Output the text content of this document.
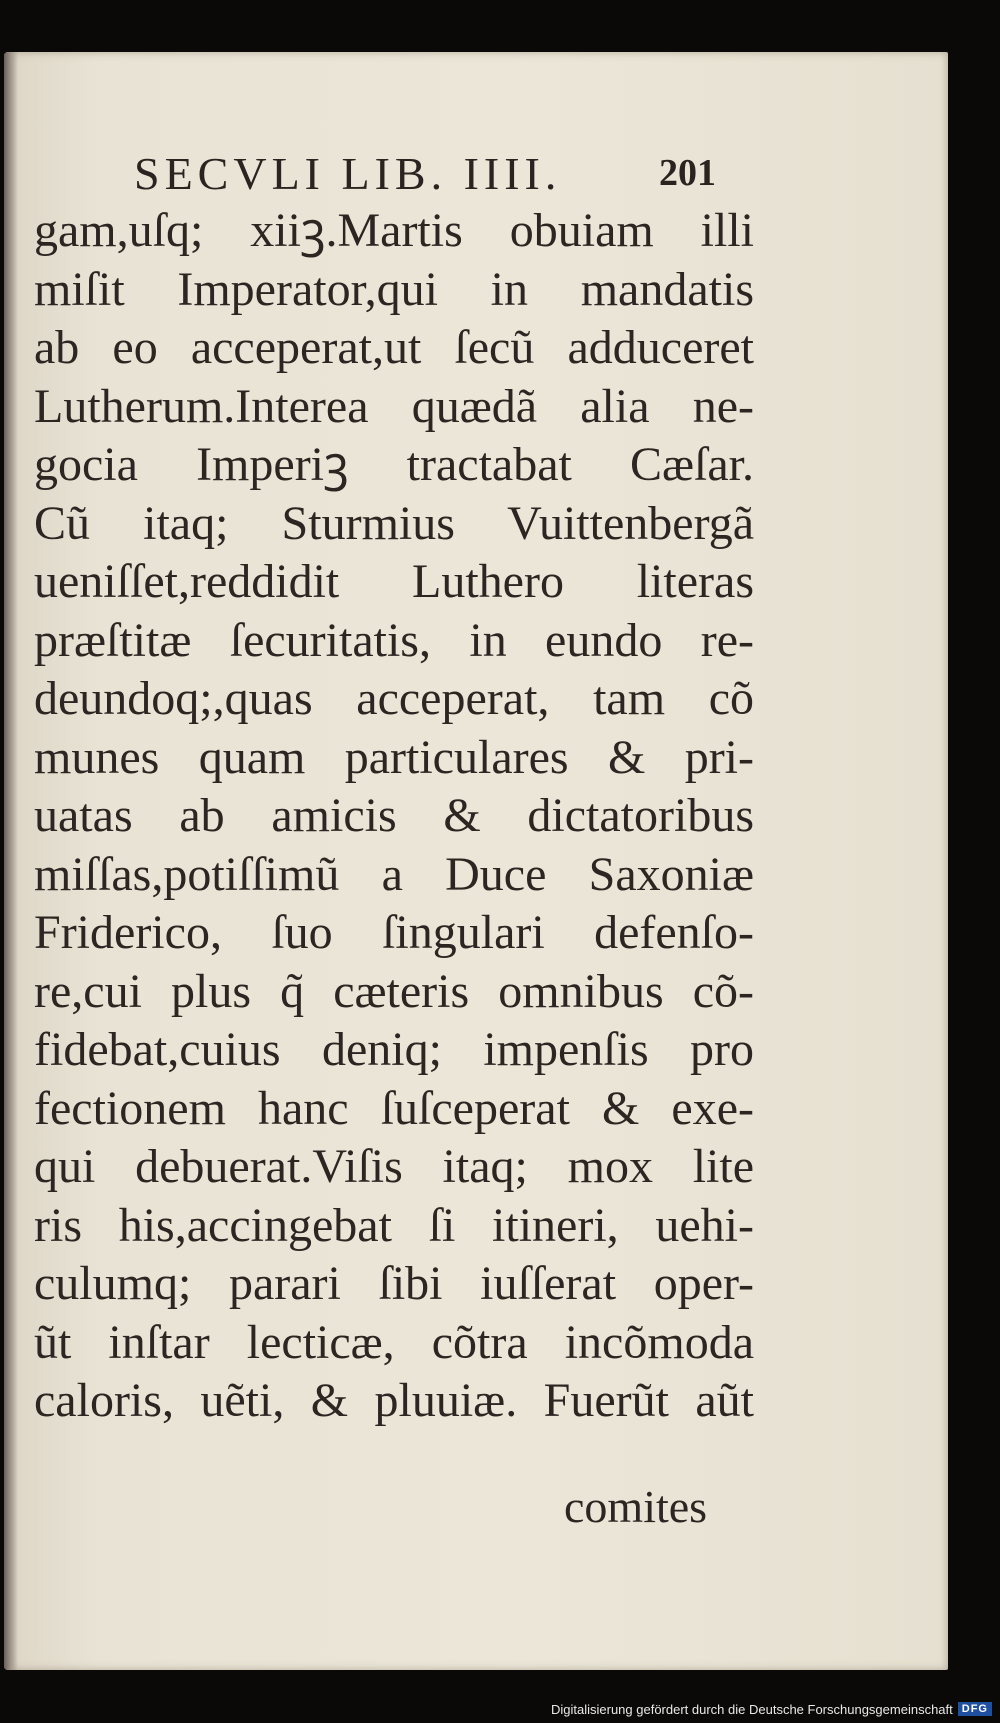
SECVLI LIB. IIII.	201
gam,uſq; xiiꝫ.Martis obuiam illi
miſit Imperator,qui in mandatis
ab eo acceperat,ut ſecũ adduceret
Lutherum.Interea quædã alia ne-
gocia Imperiꝫ tractabat Cæſar.
Cũ itaq; Sturmius Vuittenbergã
ueniſſet,reddidit Luthero literas
præſtitæ ſecuritatis, in eundo re-
deundoq;,quas acceperat, tam cõ
munes quam particulares & pri-
uatas ab amicis & dictatoribus
miſſas,potiſſimũ a Duce Saxoniæ
Friderico, ſuo ſingulari defenſo-
re,cui plus q̃ cæteris omnibus cõ-
fidebat,cuius deniq; impenſis pro
fectionem hanc ſuſceperat & exe-
qui debuerat.Viſis itaq; mox lite
ris his,accingebat ſi itineri, uehi-
culumq; parari ſibi iuſſerat oper-
ũt inſtar lecticæ, cõtra incõmoda
caloris, uẽti, & pluuiæ. Fuerũt aũt
comites
Digitalisierung gefördert durch die Deutsche Forschungsgemeinschaft DFG
